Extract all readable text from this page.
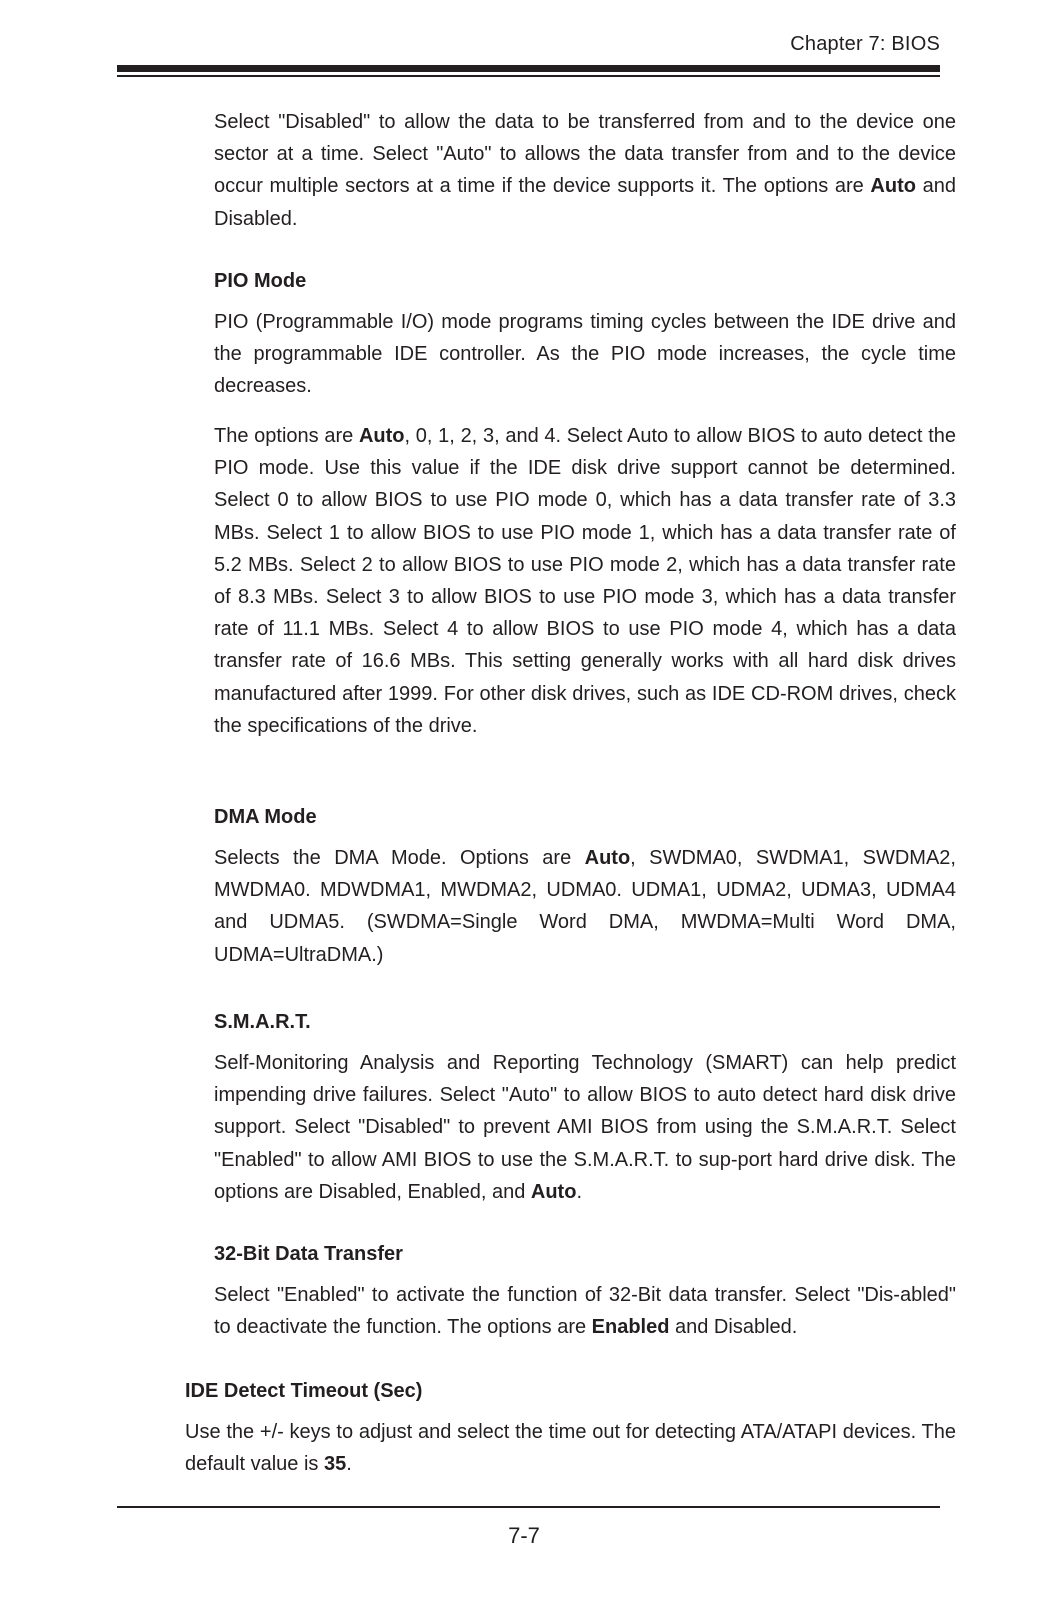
Chapter 7: BIOS

Select "Disabled" to allow the data to be transferred from and to the device one sector at a time. Select "Auto" to allows the data transfer from and to the device occur multiple sectors at a time if the device supports it. The options are Auto and Disabled.

PIO Mode

PIO (Programmable I/O) mode programs timing cycles between the IDE drive and the programmable IDE controller. As the PIO mode increases, the cycle time decreases.

The options are Auto, 0, 1, 2, 3, and 4. Select Auto to allow BIOS to auto detect the PIO mode. Use this value if the IDE disk drive support cannot be determined. Select 0 to allow BIOS to use PIO mode 0, which has a data transfer rate of 3.3 MBs. Select 1 to allow BIOS to use PIO mode 1, which has a data transfer rate of 5.2 MBs. Select 2 to allow BIOS to use PIO mode 2, which has a data transfer rate of 8.3 MBs. Select 3 to allow BIOS to use PIO mode 3, which has a data transfer rate of 11.1 MBs. Select 4 to allow BIOS to use PIO mode 4, which has a data transfer rate of 16.6 MBs. This setting generally works with all hard disk drives manufactured after 1999. For other disk drives, such as IDE CD-ROM drives, check the specifications of the drive.

DMA Mode

Selects the DMA Mode. Options are Auto, SWDMA0, SWDMA1, SWDMA2, MWDMA0. MDWDMA1, MWDMA2, UDMA0. UDMA1, UDMA2, UDMA3, UDMA4 and UDMA5. (SWDMA=Single Word DMA, MWDMA=Multi Word DMA, UDMA=UltraDMA.)

S.M.A.R.T.

Self-Monitoring Analysis and Reporting Technology (SMART) can help predict impending drive failures. Select "Auto" to allow BIOS to auto detect hard disk drive support. Select "Disabled" to prevent AMI BIOS from using the S.M.A.R.T. Select "Enabled" to allow AMI BIOS to use the S.M.A.R.T. to sup-port hard drive disk. The options are Disabled, Enabled, and Auto.

32-Bit Data Transfer

Select "Enabled" to activate the function of 32-Bit data transfer. Select "Dis-abled" to deactivate the function. The options are Enabled and Disabled.

IDE Detect Timeout (Sec)

Use the +/- keys to adjust and select the time out for detecting ATA/ATAPI devices. The default value is 35.

7-7
